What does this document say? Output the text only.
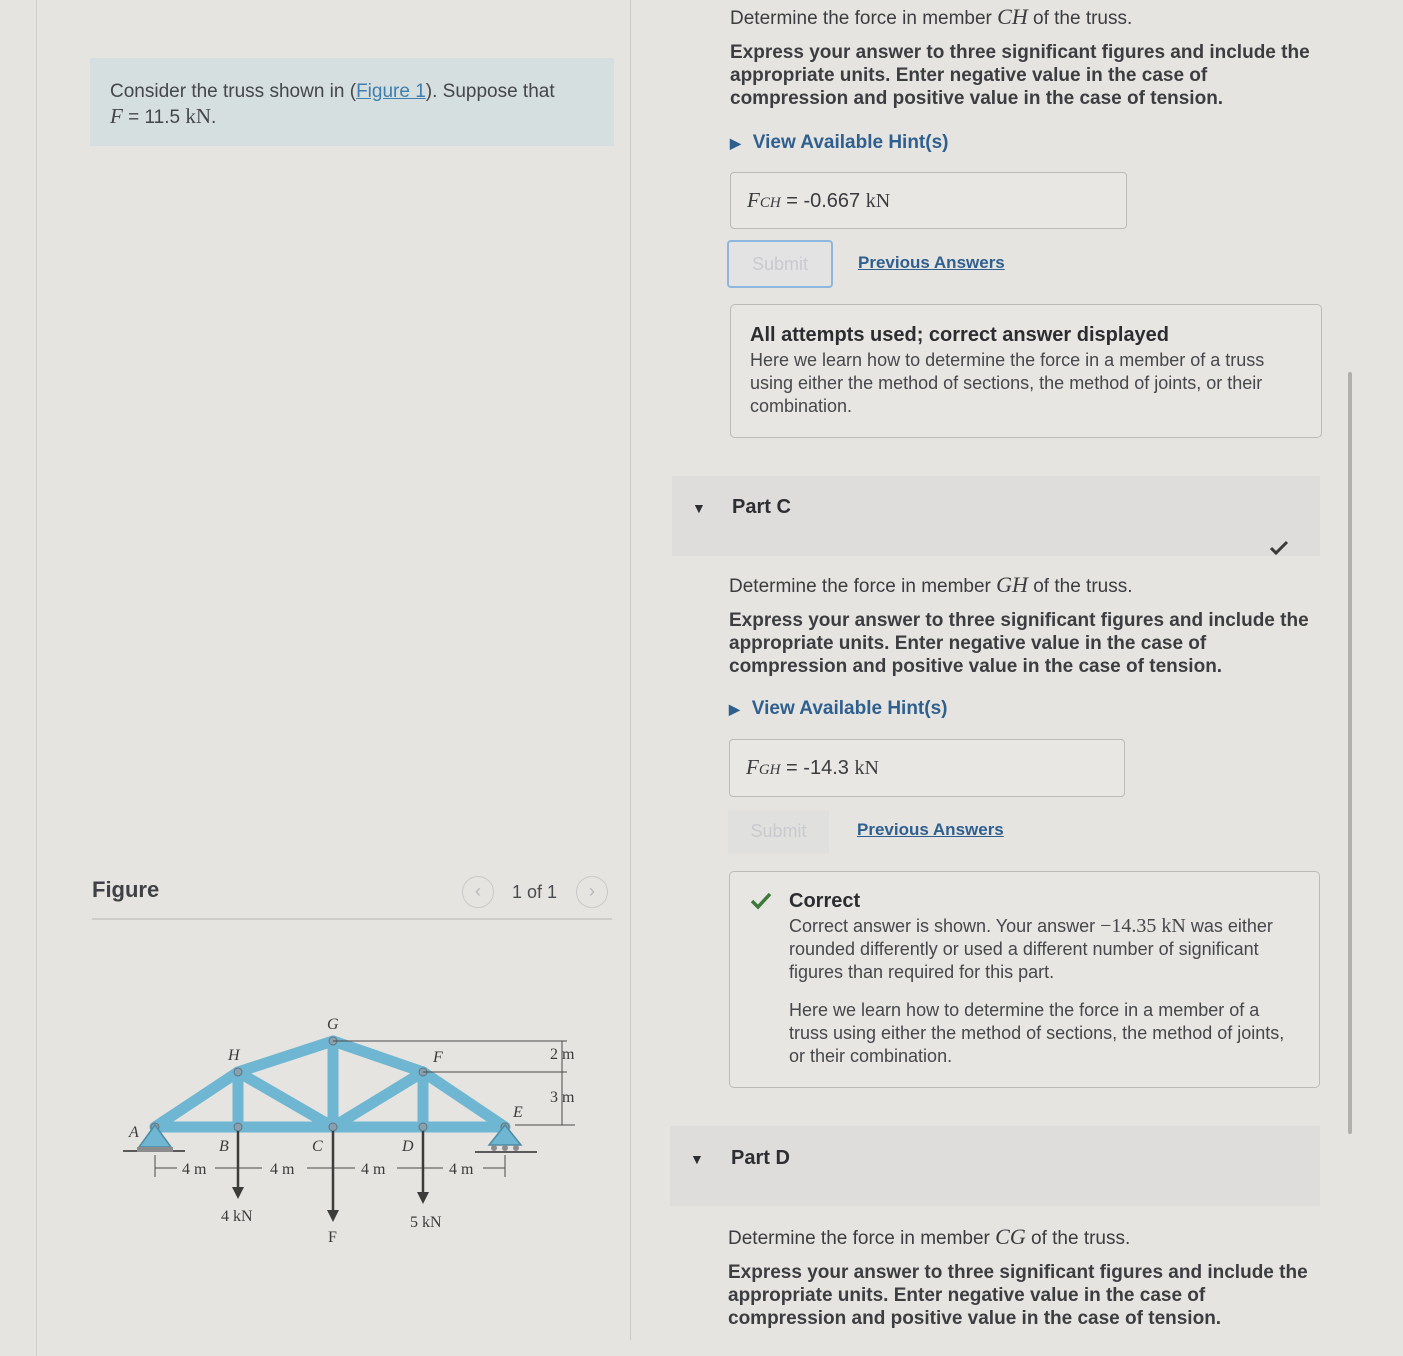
Consider the truss shown in (Figure 1). Suppose that
F = 11.5 kN.
Figure	‹	1 of 1	›
A
B	C	D
E
F
G
H
4 m	4 m	4 m	4 m
2 m
3 m
4 kN
F
5 kN
Determine the force in member CH of the truss.
Express your answer to three significant figures and include the appropriate units. Enter negative value in the case of compression and positive value in the case of tension.
▶ View Available Hint(s)
FCH = -0.667 kN
Submit	Previous Answers
All attempts used; correct answer displayed
Here we learn how to determine the force in a member of a truss using either the method of sections, the method of joints, or their combination.
▼ Part C
Determine the force in member GH of the truss.
Express your answer to three significant figures and include the appropriate units. Enter negative value in the case of compression and positive value in the case of tension.
▶ View Available Hint(s)
FGH = -14.3 kN
Submit	Previous Answers
Correct
Correct answer is shown. Your answer −14.35 kN was either rounded differently or used a different number of significant figures than required for this part.
Here we learn how to determine the force in a member of a truss using either the method of sections, the method of joints, or their combination.
▼ Part D
Determine the force in member CG of the truss.
Express your answer to three significant figures and include the appropriate units. Enter negative value in the case of compression and positive value in the case of tension.
